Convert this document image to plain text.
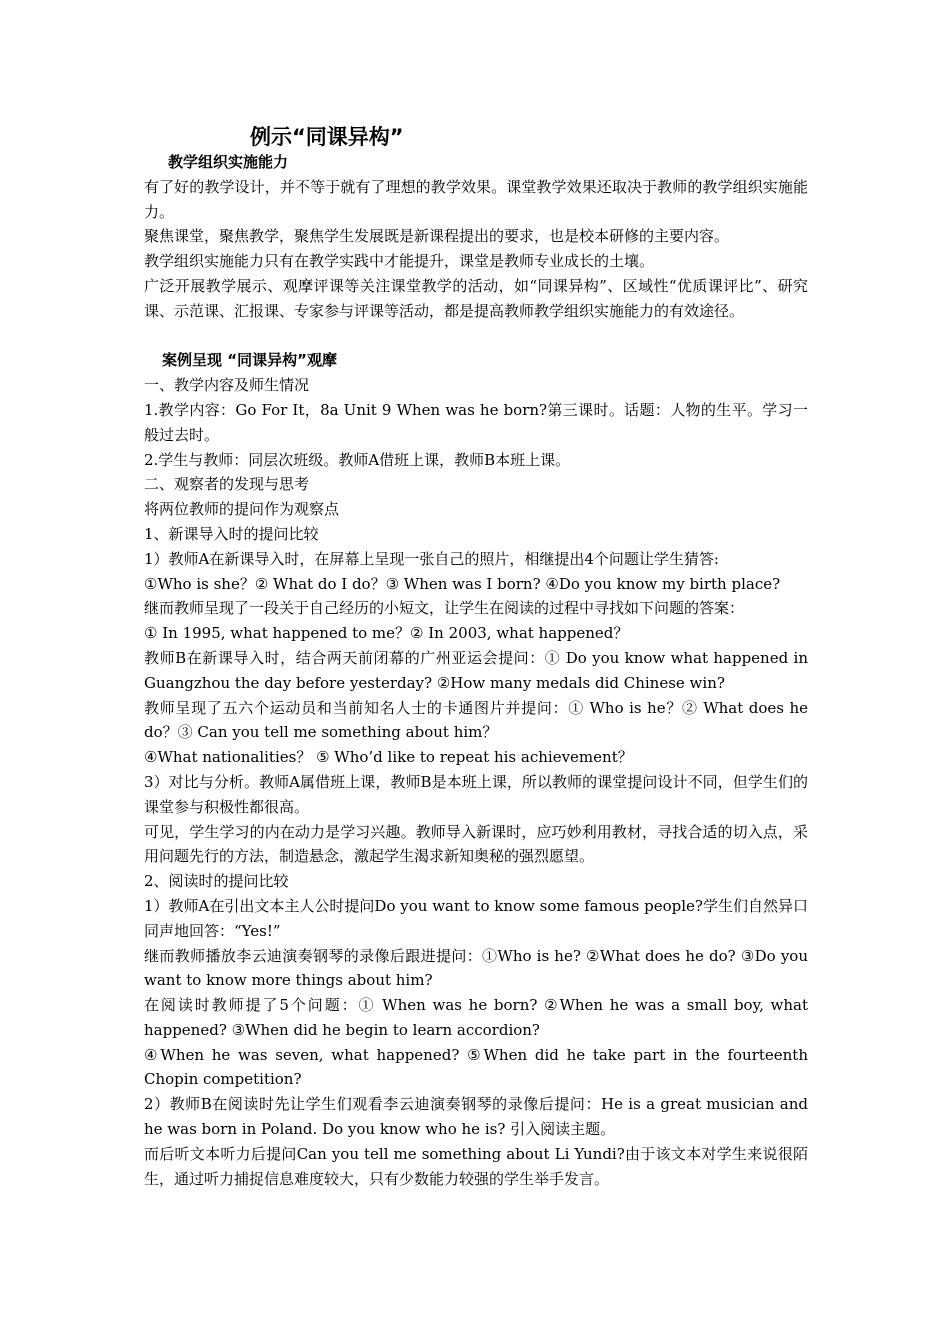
例示“同课异构”

教学组织实施能力

有了好的教学设计，并不等于就有了理想的教学效果。课堂教学效果还取决于教师的教学组织实施能力。

聚焦课堂，聚焦教学，聚焦学生发展既是新课程提出的要求，也是校本研修的主要内容。

教学组织实施能力只有在教学实践中才能提升，课堂是教师专业成长的土壤。

广泛开展教学展示、观摩评课等关注课堂教学的活动，如“同课异构”、区域性“优质课评比”、研究课、示范课、汇报课、专家参与评课等活动，都是提高教师教学组织实施能力的有效途径。

案例呈现 “同课异构”观摩

一、教学内容及师生情况

1.教学内容：Go For It，8a Unit 9 When was he born?第三课时。话题：人物的生平。学习一般过去时。

2.学生与教师：同层次班级。教师A借班上课，教师B本班上课。

二、观察者的发现与思考

将两位教师的提问作为观察点

1、新课导入时的提问比较

1）教师A在新课导入时，在屏幕上呈现一张自己的照片，相继提出4个问题让学生猜答:

①Who is she？② What do I do？③ When was I born? ④Do you know my birth place?

继而教师呈现了一段关于自己经历的小短文，让学生在阅读的过程中寻找如下问题的答案：

① In 1995, what happened to me？② In 2003, what happened？

教师B在新课导入时，结合两天前闭幕的广州亚运会提问：① Do you know what happened in Guangzhou the day before yesterday? ②How many medals did Chinese win?

教师呈现了五六个运动员和当前知名人士的卡通图片并提问：① Who is he？② What does he do？③ Can you tell me something about him？

④What nationalities？ ⑤ Who’d like to repeat his achievement？

3）对比与分析。教师A属借班上课，教师B是本班上课，所以教师的课堂提问设计不同，但学生们的课堂参与积极性都很高。

可见，学生学习的内在动力是学习兴趣。教师导入新课时，应巧妙利用教材，寻找合适的切入点，采用问题先行的方法，制造悬念，激起学生渴求新知奥秘的强烈愿望。

2、阅读时的提问比较

1）教师A在引出文本主人公时提问Do you want to know some famous people?学生们自然异口同声地回答：“Yes!”

继而教师播放李云迪演奏钢琴的录像后跟进提问：①Who is he? ②What does he do? ③Do you want to know more things about him?

在阅读时教师提了5个问题：① When was he born? ②When he was a small boy, what happened? ③When did he begin to learn accordion?

④When he was seven, what happened? ⑤When did he take part in the fourteenth Chopin competition?

2）教师B在阅读时先让学生们观看李云迪演奏钢琴的录像后提问：He is a great musician and he was born in Poland. Do you know who he is? 引入阅读主题。

而后听文本听力后提问Can you tell me something about Li Yundi?由于该文本对学生来说很陌生，通过听力捕捉信息难度较大，只有少数能力较强的学生举手发言。
